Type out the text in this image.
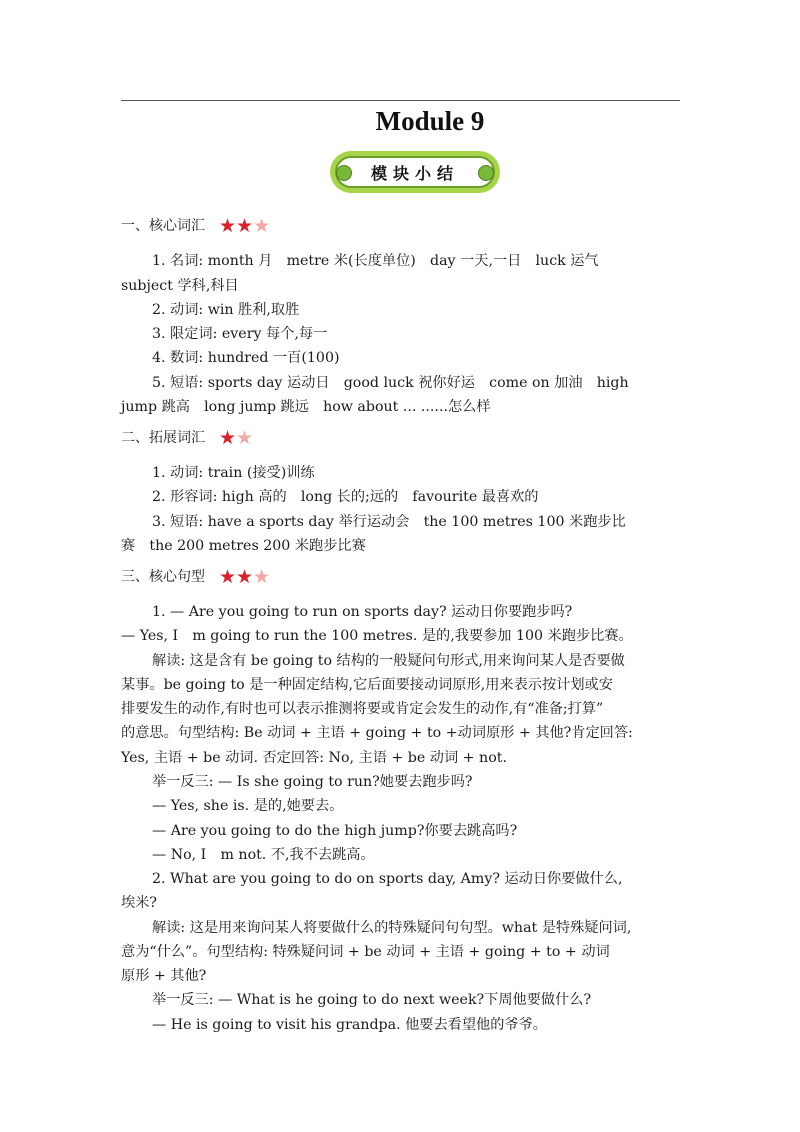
Module 9
模块小结
一、核心词汇 ★★★
1. 名词: month 月　metre 米(长度单位)　day 一天,一日　luck 运气
subject 学科,科目
2. 动词: win 胜利,取胜
3. 限定词: every 每个,每一
4. 数词: hundred 一百(100)
5. 短语: sports day 运动日　good luck 祝你好运　come on 加油　high
jump 跳高　long jump 跳远　how about ... ......怎么样
二、拓展词汇 ★★
1. 动词: train (接受)训练
2. 形容词: high 高的　long 长的;远的　favourite 最喜欢的
3. 短语: have a sports day 举行运动会　the 100 metres 100 米跑步比
赛　the 200 metres 200 米跑步比赛
三、核心句型 ★★★
1. — Are you going to run on sports day? 运动日你要跑步吗?
— Yes, I　m going to run the 100 metres. 是的,我要参加 100 米跑步比赛。
解读: 这是含有 be going to 结构的一般疑问句形式,用来询问某人是否要做
某事。be going to 是一种固定结构,它后面要接动词原形,用来表示按计划或安
排要发生的动作,有时也可以表示推测将要或肯定会发生的动作,有“准备;打算”
的意思。句型结构: Be 动词 + 主语 + going + to +动词原形 + 其他?肯定回答:
Yes, 主语 + be 动词. 否定回答: No, 主语 + be 动词 + not.
举一反三: — Is she going to run?她要去跑步吗?
— Yes, she is. 是的,她要去。
— Are you going to do the high jump?你要去跳高吗?
— No, I　m not. 不,我不去跳高。
2. What are you going to do on sports day, Amy? 运动日你要做什么,
埃米?
解读: 这是用来询问某人将要做什么的特殊疑问句句型。what 是特殊疑问词,
意为“什么”。句型结构: 特殊疑问词 + be 动词 + 主语 + going + to + 动词
原形 + 其他?
举一反三: — What is he going to do next week?下周他要做什么?
— He is going to visit his grandpa. 他要去看望他的爷爷。
